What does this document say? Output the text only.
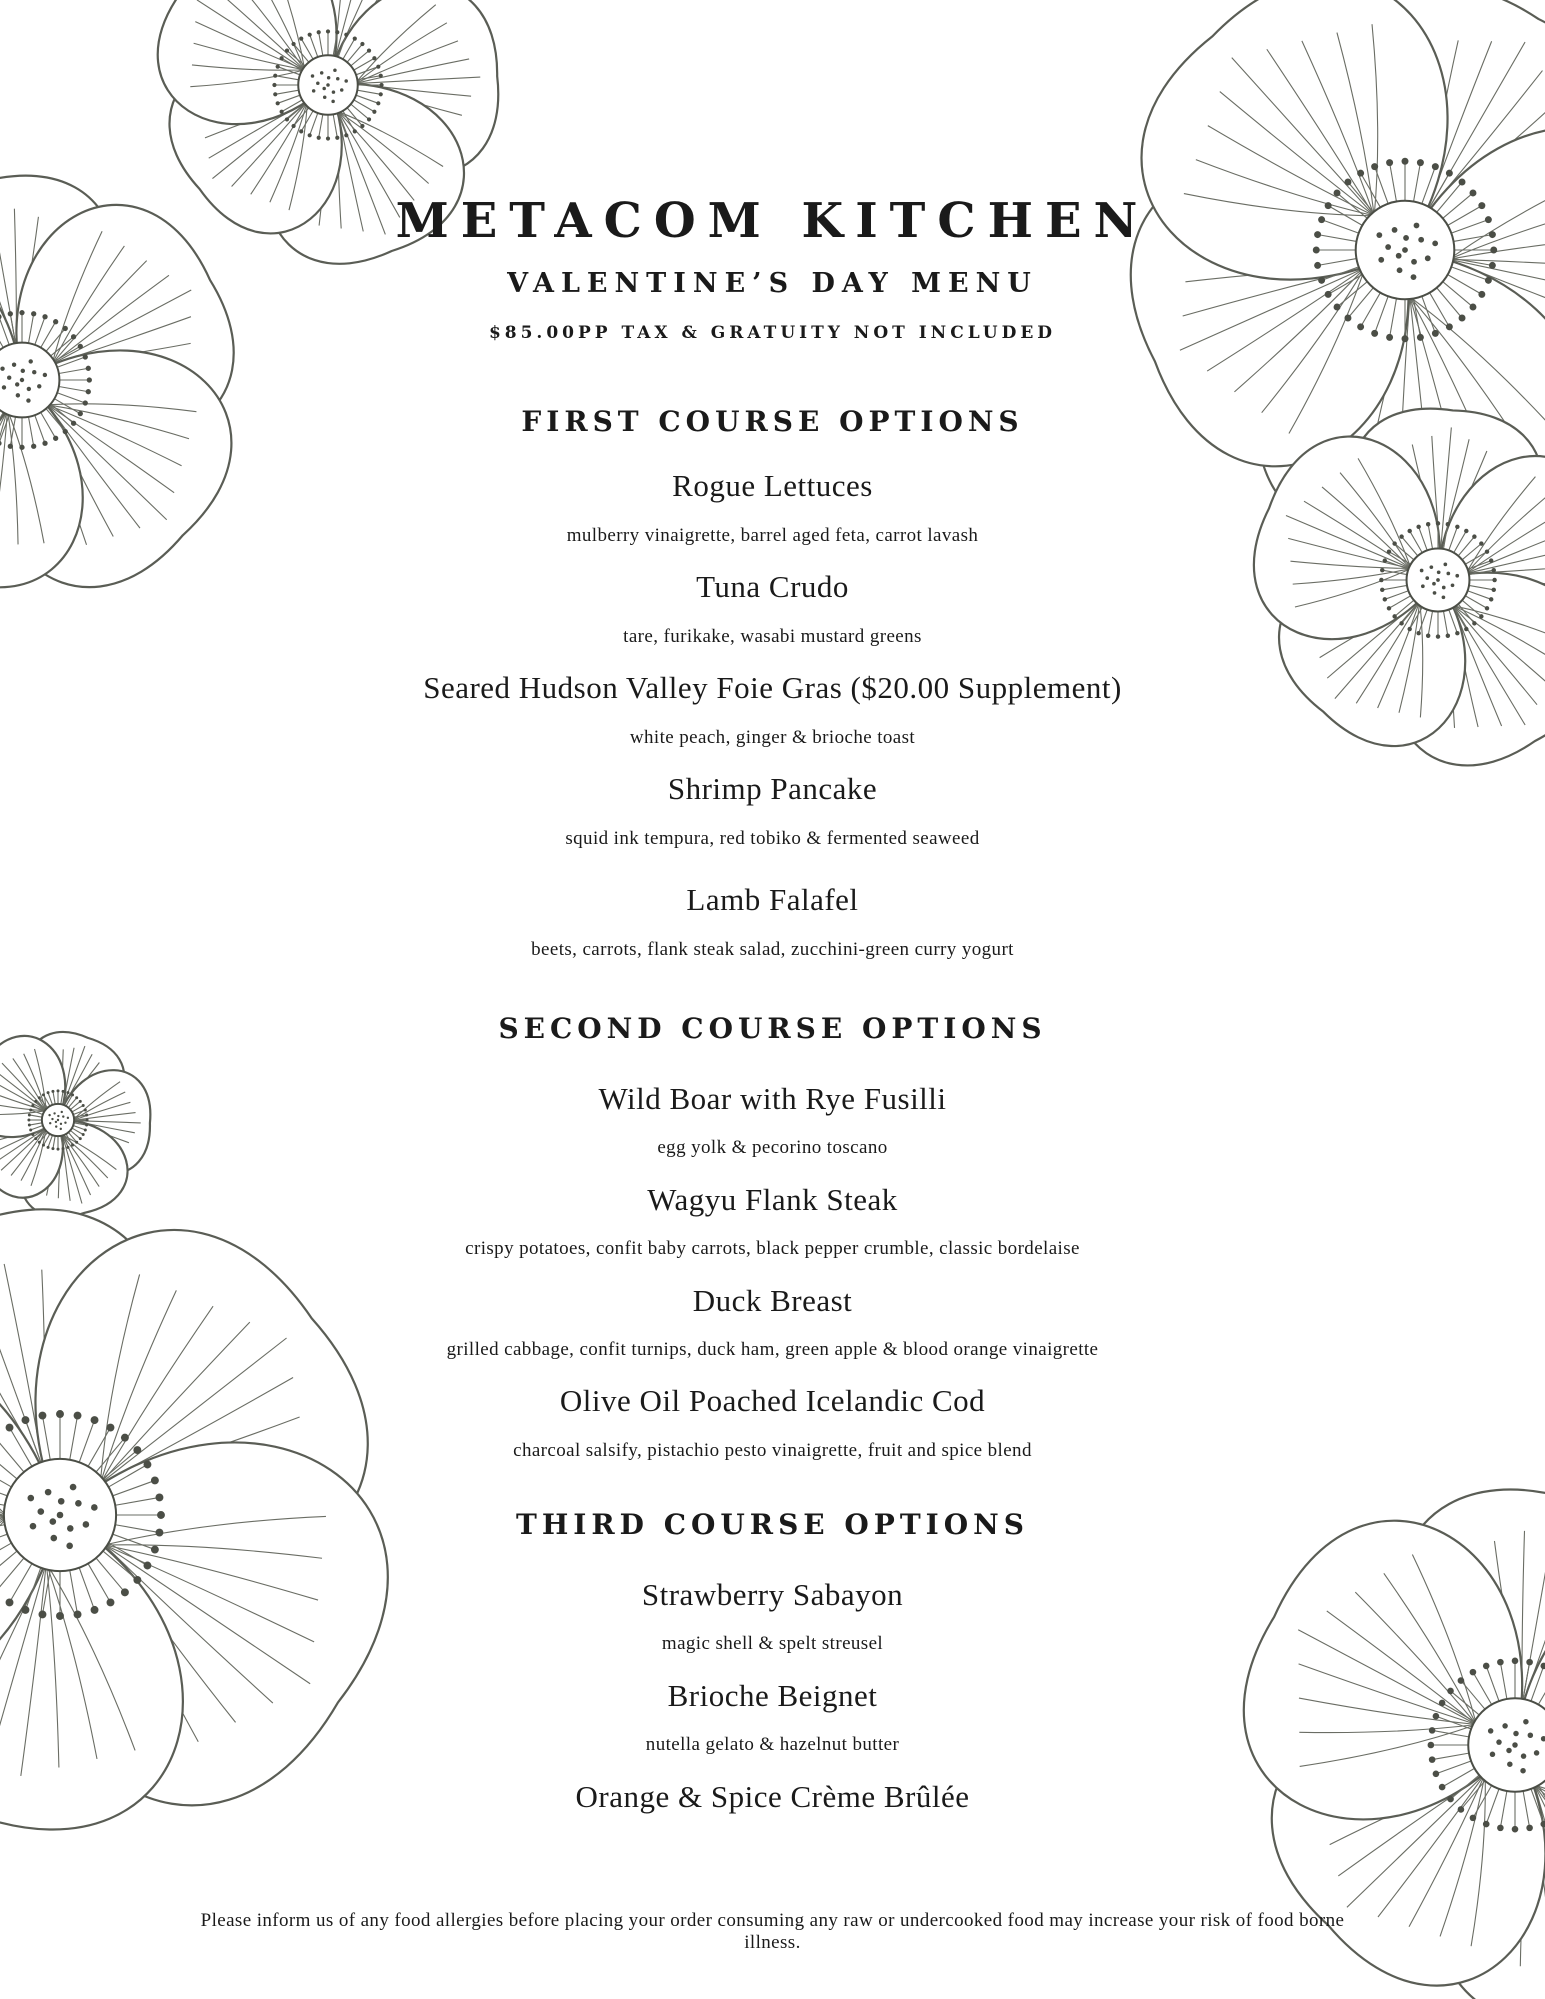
METACOM KITCHEN
VALENTINE’S DAY MENU

$85.00PP TAX & GRATUITY NOT INCLUDED

FIRST COURSE OPTIONS

Rogue Lettuces

mulberry vinaigrette, barrel aged feta, carrot lavash

Tuna Crudo

tare, furikake, wasabi mustard greens

Seared Hudson Valley Foie Gras ($20.00 Supplement)

white peach, ginger & brioche toast

Shrimp Pancake

squid ink tempura, red tobiko & fermented seaweed

Lamb Falafel

beets, carrots, flank steak salad, zucchini-green curry yogurt

SECOND COURSE OPTIONS

Wild Boar with Rye Fusilli

egg yolk & pecorino toscano

Wagyu Flank Steak

crispy potatoes, confit baby carrots, black pepper crumble, classic bordelaise

Duck Breast

grilled cabbage, confit turnips, duck ham, green apple & blood orange vinaigrette

Olive Oil Poached Icelandic Cod

charcoal salsify, pistachio pesto vinaigrette, fruit and spice blend

THIRD COURSE OPTIONS

Strawberry Sabayon

magic shell & spelt streusel

Brioche Beignet

nutella gelato & hazelnut butter

Orange & Spice Crème Brûlée

Please inform us of any food allergies before placing your order consuming any raw or undercooked food may increase your risk of food borne illness.
